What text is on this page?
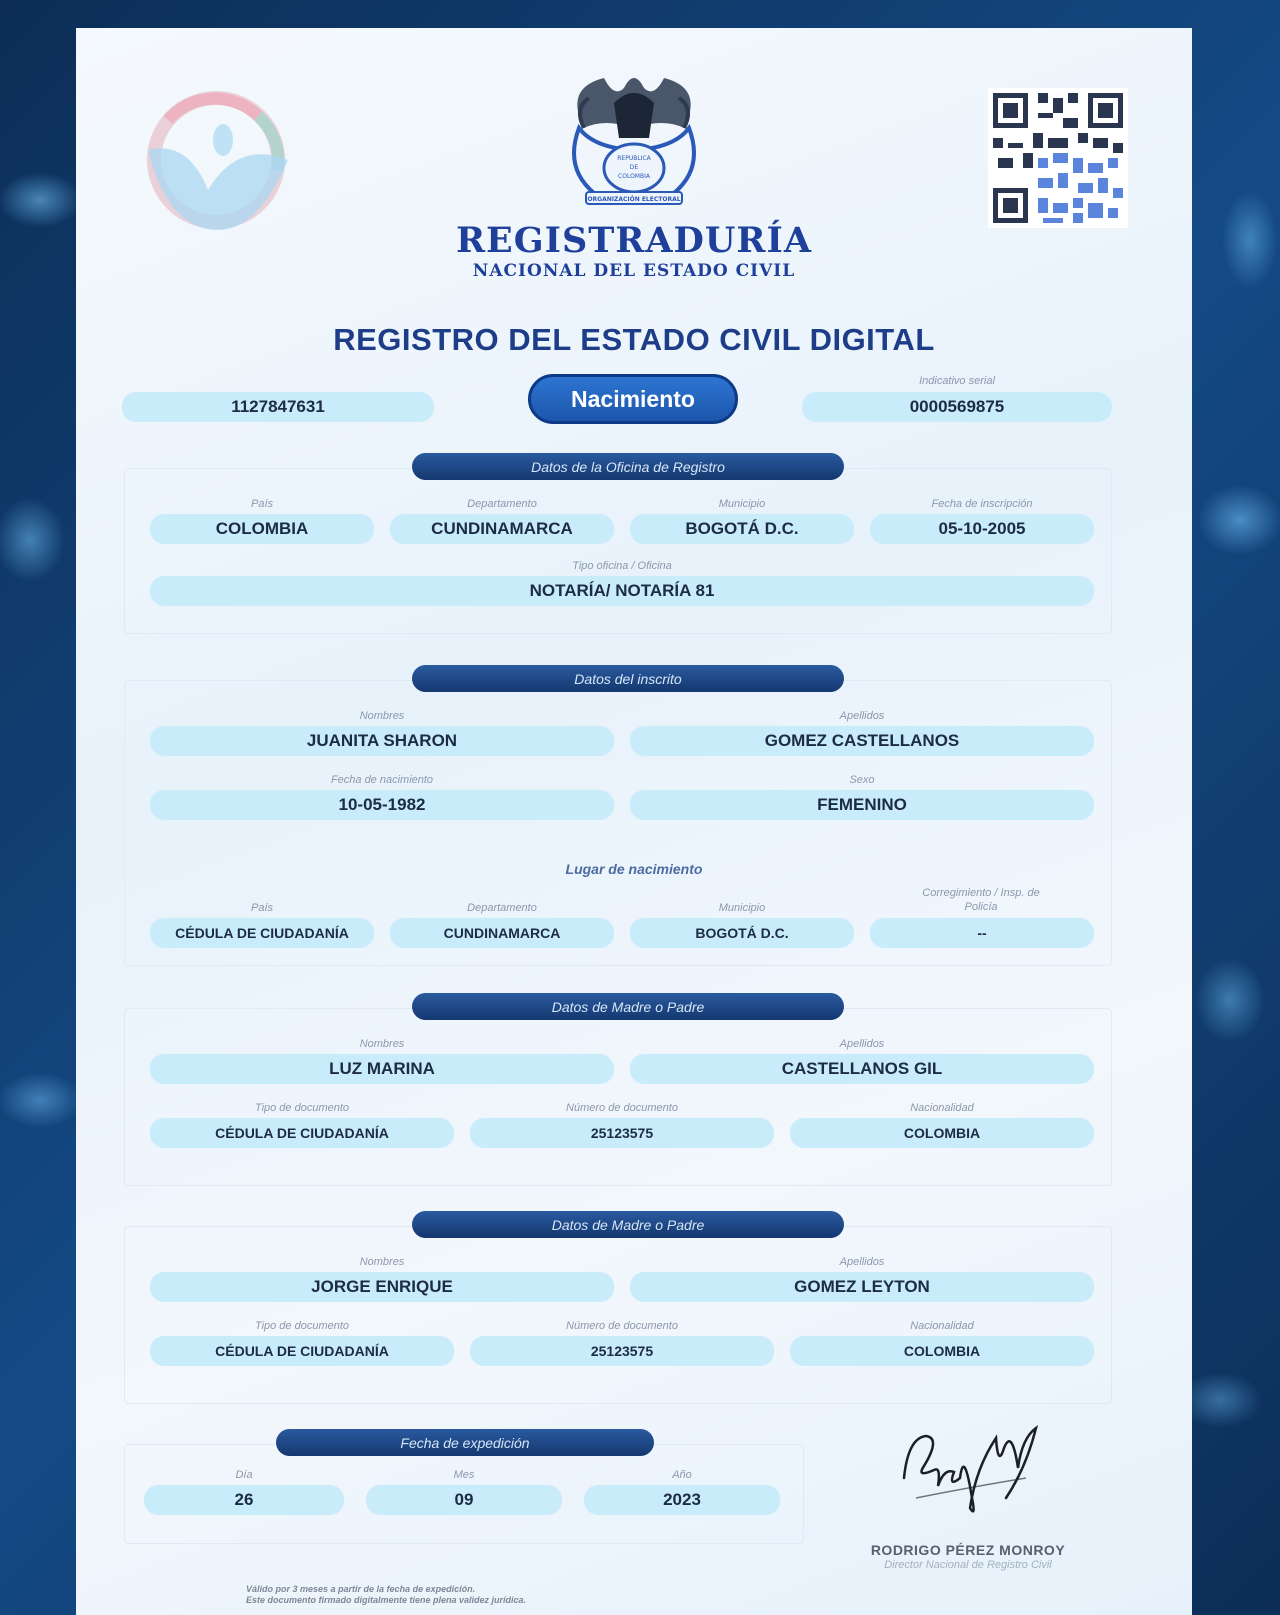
REPUBLICA
DE
COLOMBIA
ORGANIZACIÓN ELECTORAL
REGISTRADURÍA
NACIONAL DEL ESTADO CIVIL
REGISTRO DEL ESTADO CIVIL DIGITAL
1127847631	Nacimiento
Indicativo serial
0000569875
Datos de la Oficina de Registro
País
COLOMBIA
Departamento
CUNDINAMARCA
Municipio
BOGOTÁ D.C.
Fecha de inscripción
05-10-2005
Tipo oficina / Oficina
NOTARÍA/ NOTARÍA 81
Datos del inscrito
Nombres
JUANITA SHARON
Apellidos
GOMEZ CASTELLANOS
Fecha de nacimiento
10-05-1982
Sexo
FEMENINO
Lugar de nacimiento
País
CÉDULA DE CIUDADANÍA
Departamento
CUNDINAMARCA
Municipio
BOGOTÁ D.C.
Corregimiento / Insp. de Policía
--
Datos de Madre o Padre
Nombres
LUZ MARINA
Apellidos
CASTELLANOS GIL
Tipo de documento
CÉDULA DE CIUDADANÍA
Número de documento
25123575
Nacionalidad
COLOMBIA
Datos de Madre o Padre
Nombres
JORGE ENRIQUE
Apellidos
GOMEZ LEYTON
Tipo de documento
CÉDULA DE CIUDADANÍA
Número de documento
25123575
Nacionalidad
COLOMBIA
Fecha de expedición
Día
26
Mes
09
Año
2023
RODRIGO PÉREZ MONROY
Director Nacional de Registro Civil
Válido por 3 meses a partir de la fecha de expedición.
Este documento firmado digitalmente tiene plena validez jurídica.
